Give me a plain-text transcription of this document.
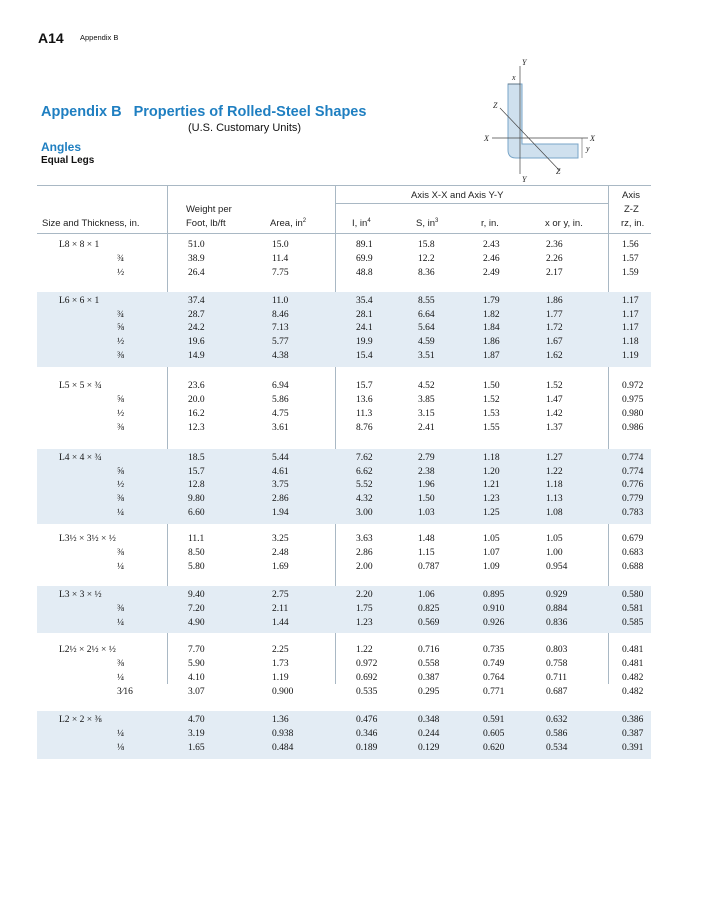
A14 Appendix B
Appendix B Properties of Rolled-Steel Shapes
(U.S. Customary Units)
Angles
Equal Legs
Y
x
Z
X	X
y
Z
Y
Axis X-X and Axis Y-Y	Axis
Z-Z
Size and Thickness, in.
Weight per
Foot, lb/ft	Area, $in^2$	I, $in^4$	S, $in^3$	r, in.	x or y, in.	rz, in.
L8 × 8 × 1	51.0	15.0	89.1	15.8	2.43	2.36	1.56
¾	38.9	11.4	69.9	12.2	2.46	2.26	1.57
½	26.4	7.75	48.8	8.36	2.49	2.17	1.59
L6 × 6 × 1	37.4	11.0	35.4	8.55	1.79	1.86	1.17
¾	28.7	8.46	28.1	6.64	1.82	1.77	1.17
⅝	24.2	7.13	24.1	5.64	1.84	1.72	1.17
½	19.6	5.77	19.9	4.59	1.86	1.67	1.18
⅜	14.9	4.38	15.4	3.51	1.87	1.62	1.19
L5 × 5 × ¾	23.6	6.94	15.7	4.52	1.50	1.52	0.972
⅝	20.0	5.86	13.6	3.85	1.52	1.47	0.975
½	16.2	4.75	11.3	3.15	1.53	1.42	0.980
⅜	12.3	3.61	8.76	2.41	1.55	1.37	0.986
L4 × 4 × ¾	18.5	5.44	7.62	2.79	1.18	1.27	0.774
⅝	15.7	4.61	6.62	2.38	1.20	1.22	0.774
½	12.8	3.75	5.52	1.96	1.21	1.18	0.776
⅜	9.80	2.86	4.32	1.50	1.23	1.13	0.779
¼	6.60	1.94	3.00	1.03	1.25	1.08	0.783
L3½ × 3½ × ½	11.1	3.25	3.63	1.48	1.05	1.05	0.679
⅜	8.50	2.48	2.86	1.15	1.07	1.00	0.683
¼	5.80	1.69	2.00	0.787	1.09	0.954	0.688
L3 × 3 × ½	9.40	2.75	2.20	1.06	0.895	0.929	0.580
⅜	7.20	2.11	1.75	0.825	0.910	0.884	0.581
¼	4.90	1.44	1.23	0.569	0.926	0.836	0.585
L2½ × 2½ × ½	7.70	2.25	1.22	0.716	0.735	0.803	0.481
⅜	5.90	1.73	0.972	0.558	0.749	0.758	0.481
¼	4.10	1.19	0.692	0.387	0.764	0.711	0.482
3⁄16	3.07	0.900	0.535	0.295	0.771	0.687	0.482
L2 × 2 × ⅜	4.70	1.36	0.476	0.348	0.591	0.632	0.386
¼	3.19	0.938	0.346	0.244	0.605	0.586	0.387
⅛	1.65	0.484	0.189	0.129	0.620	0.534	0.391
